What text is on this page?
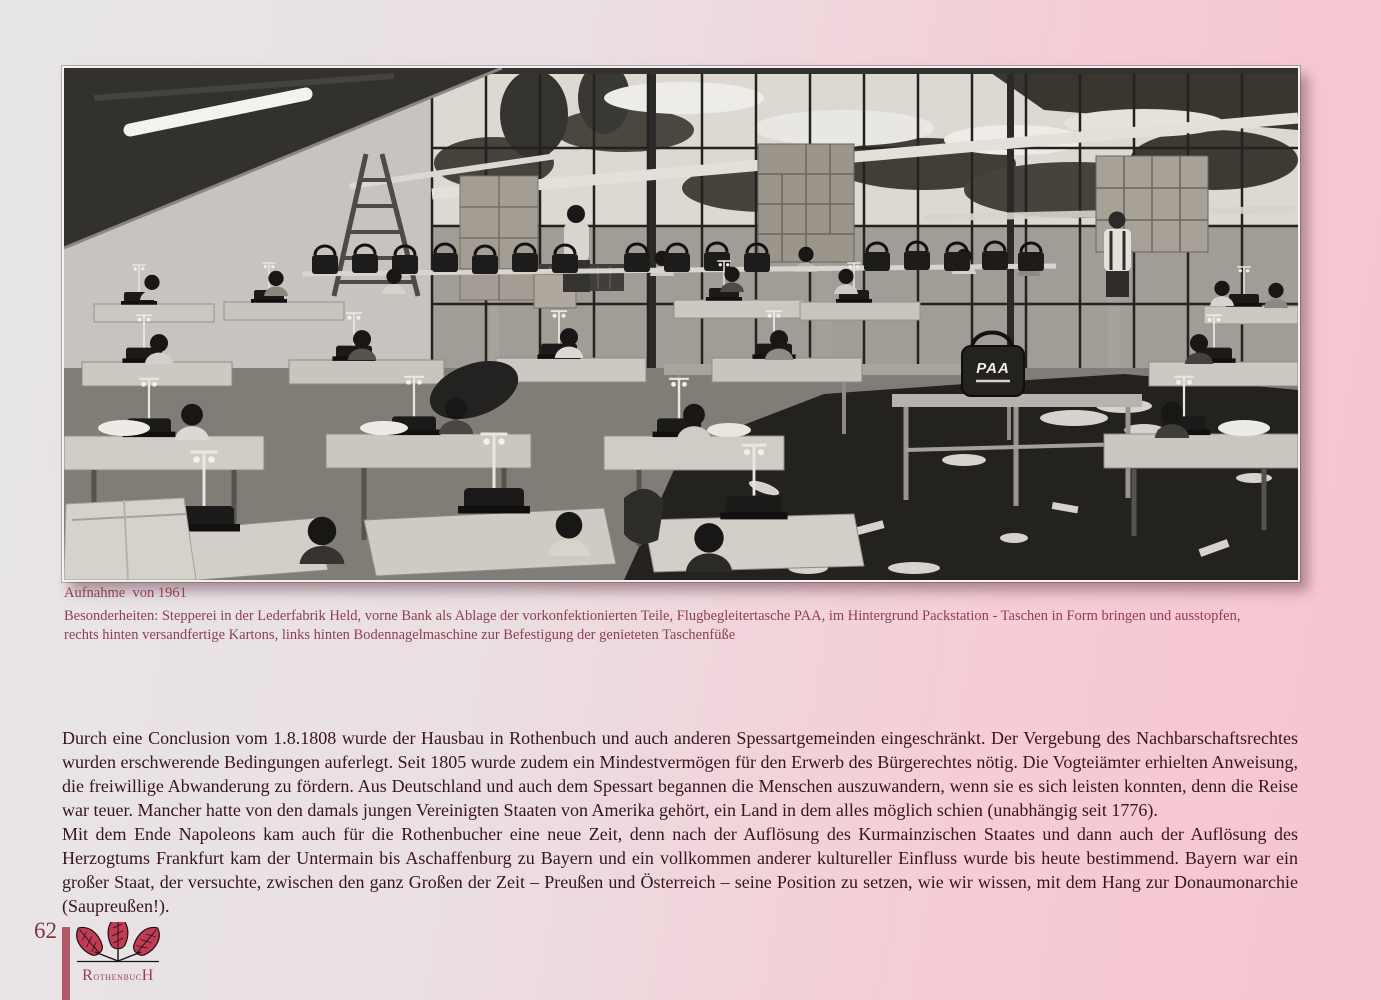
PAA
Aufnahme  von 1961
Besonderheiten: Stepperei in der Lederfabrik Held, vorne Bank als Ablage der vorkonfektionierten Teile, Flugbegleitertasche PAA, im Hintergrund Packstation - Taschen in Form bringen und ausstopfen,
rechts hinten versandfertige Kartons, links hinten Bodennagelmaschine zur Befestigung der genieteten Taschenfüße

Durch eine Conclusion vom 1.8.1808 wurde der Hausbau in Rothenbuch und auch anderen Spessartgemeinden eingeschränkt. Der Vergebung des Nachbarschaftsrechtes wurden erschwerende Bedingungen auferlegt. Seit 1805 wurde zudem ein Mindestvermögen für den Erwerb des Bürgerechtes nötig. Die Vogteiämter erhielten Anweisung, die freiwillige Abwanderung zu fördern. Aus Deutschland und auch dem Spessart begannen die Menschen auszuwandern, wenn sie es sich leisten konnten, denn die Reise war teuer. Mancher hatte von den damals jungen Vereinigten Staaten von Amerika gehört, ein Land in dem alles möglich schien (unabhängig seit 1776).

Mit dem Ende Napoleons kam auch für die Rothenbucher eine neue Zeit, denn nach der Auflösung des Kurmainzischen Staates und dann auch der Auflösung des Herzogtums Frankfurt kam der Untermain bis Aschaffenburg zu Bayern und ein vollkommen anderer kultureller Einfluss wurde bis heute bestimmend. Bayern war ein großer Staat, der versuchte, zwischen den ganz Großen der Zeit – Preußen und Österreich – seine Position zu setzen, wie wir wissen, mit dem Hang zur Donaumonarchie (Saupreußen!).

62
RothenbucH
